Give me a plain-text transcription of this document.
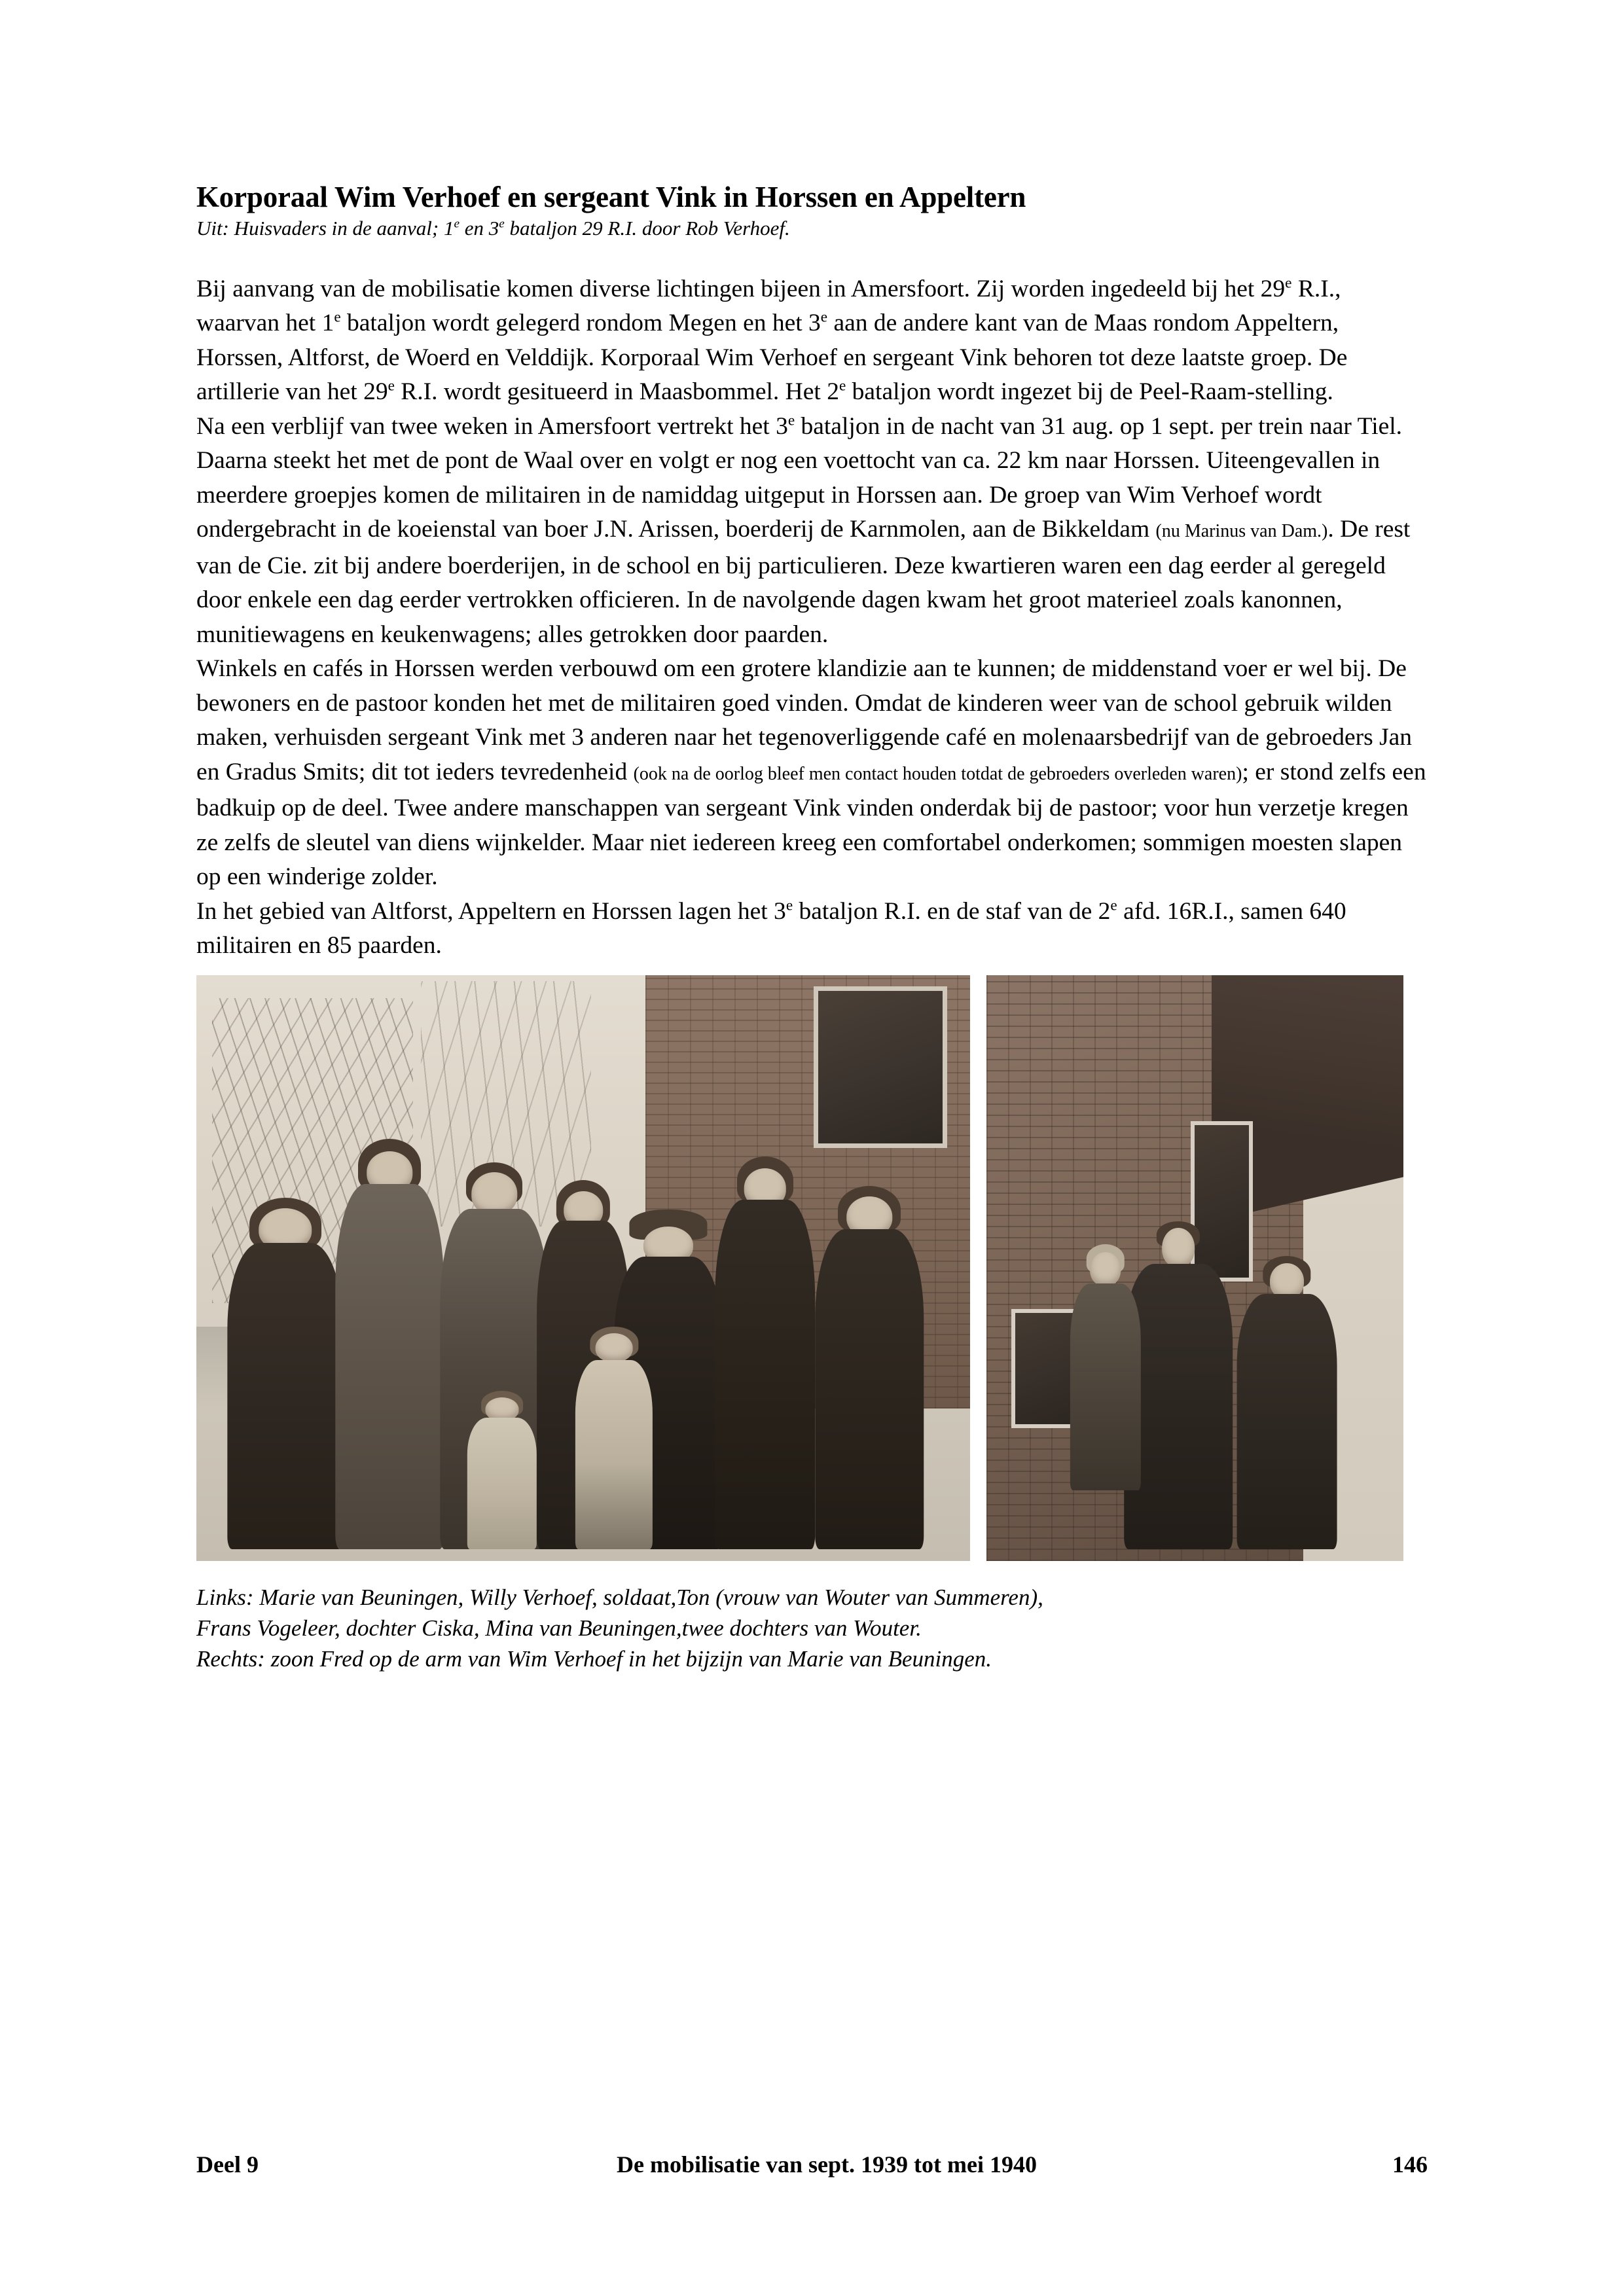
Korporaal Wim Verhoef en sergeant Vink in Horssen en Appeltern
Uit: Huisvaders in de aanval; 1e en 3e bataljon 29 R.I. door Rob Verhoef.

Bij aanvang van de mobilisatie komen diverse lichtingen bijeen in Amersfoort. Zij worden ingedeeld bij het 29e R.I., waarvan het 1e bataljon wordt gelegerd rondom Megen en het 3e aan de andere kant van de Maas rondom Appeltern, Horssen, Altforst, de Woerd en Velddijk. Korporaal Wim Verhoef en sergeant Vink behoren tot deze laatste groep. De artillerie van het 29e R.I. wordt gesitueerd in Maasbommel. Het 2e bataljon wordt ingezet bij de Peel-Raam-stelling.

Na een verblijf van twee weken in Amersfoort vertrekt het 3e bataljon in de nacht van 31 aug. op 1 sept. per trein naar Tiel. Daarna steekt het met de pont de Waal over en volgt er nog een voettocht van ca. 22 km naar Horssen. Uiteengevallen in meerdere groepjes komen de militairen in de namiddag uitgeput in Horssen aan. De groep van Wim Verhoef wordt ondergebracht in de koeienstal van boer J.N. Arissen, boerderij de Karnmolen, aan de Bikkeldam (nu Marinus van Dam.). De rest van de Cie. zit bij andere boerderijen, in de school en bij particulieren. Deze kwartieren waren een dag eerder al geregeld door enkele een dag eerder vertrokken officieren. In de navolgende dagen kwam het groot materieel zoals kanonnen, munitiewagens en keukenwagens; alles getrokken door paarden.

Winkels en cafés in Horssen werden verbouwd om een grotere klandizie aan te kunnen; de middenstand voer er wel bij. De bewoners en de pastoor konden het met de militairen goed vinden. Omdat de kinderen weer van de school gebruik wilden maken, verhuisden sergeant Vink met 3 anderen naar het tegenoverliggende café en molenaarsbedrijf van de gebroeders Jan en Gradus Smits; dit tot ieders tevredenheid (ook na de oorlog bleef men contact houden totdat de gebroeders overleden waren); er stond zelfs een badkuip op de deel. Twee andere manschappen van sergeant Vink vinden onderdak bij de pastoor; voor hun verzetje kregen ze zelfs de sleutel van diens wijnkelder. Maar niet iedereen kreeg een comfortabel onderkomen; sommigen moesten slapen op een winderige zolder.

In het gebied van Altforst, Appeltern en Horssen lagen het 3e bataljon R.I. en de staf van de 2e afd. 16R.I., samen 640 militairen en 85 paarden.

Links: Marie van Beuningen, Willy Verhoef, soldaat,Ton (vrouw van Wouter van Summeren),
Frans Vogeleer, dochter Ciska, Mina van Beuningen,twee dochters van Wouter.
Rechts: zoon Fred op de arm van Wim Verhoef in het bijzijn van Marie van Beuningen.
Deel 9	De mobilisatie van sept. 1939 tot mei 1940	146
